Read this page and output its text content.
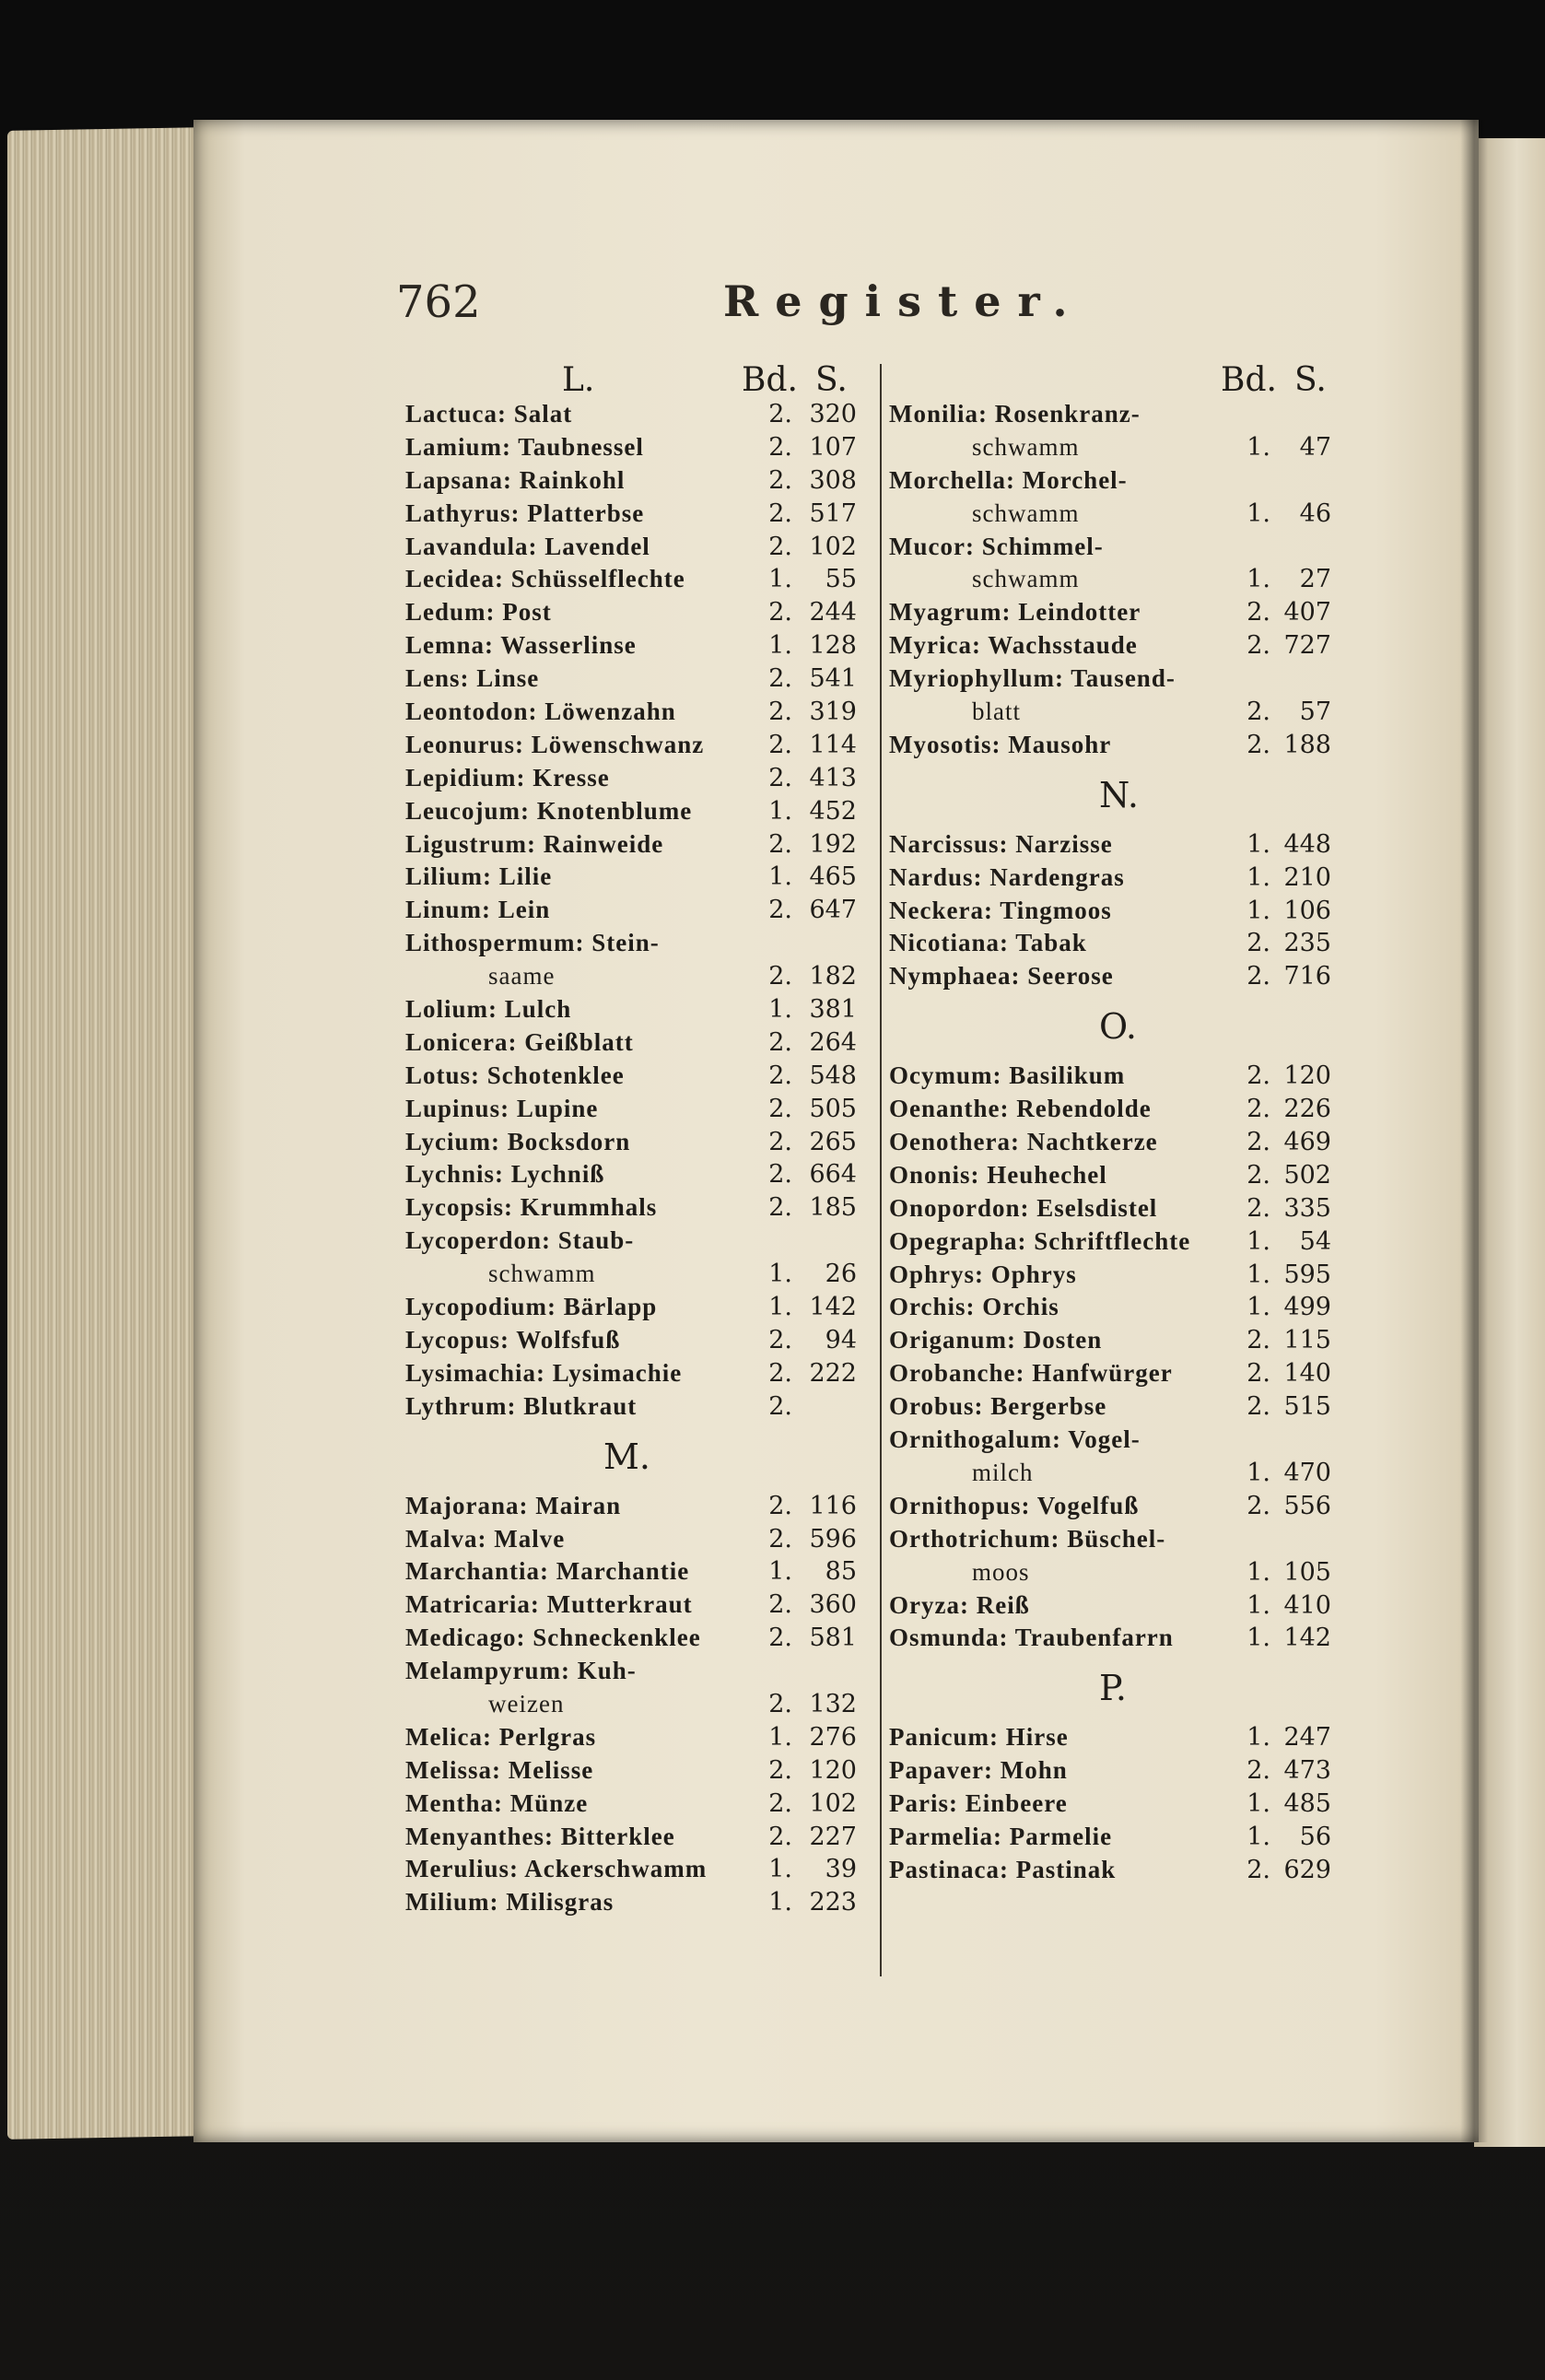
762	Register.
L.	Bd. S.
Lactuca: Salat	2. 320
Lamium: Taubnessel	2. 107
Lapsana: Rainkohl	2. 308
Lathyrus: Platterbse	2. 517
Lavandula: Lavendel	2. 102
Lecidea: Schüsselflechte	1.	55
Ledum: Post	2. 244
Lemna: Wasserlinse	1. 128
Lens: Linse	2. 541
Leontodon: Löwenzahn	2. 319
Leonurus: Löwenschwanz	2. 114
Lepidium: Kresse	2. 413
Leucojum: Knotenblume	1. 452
Ligustrum: Rainweide	2. 192
Lilium: Lilie	1. 465
Linum: Lein	2. 647
Lithospermum: Stein-
saame	2. 182
Lolium: Lulch	1. 381
Lonicera: Geißblatt	2. 264
Lotus: Schotenklee	2. 548
Lupinus: Lupine	2. 505
Lycium: Bocksdorn	2. 265
Lychnis: Lychniß	2. 664
Lycopsis: Krummhals	2. 185
Lycoperdon: Staub-
schwamm	1.	26
Lycopodium: Bärlapp	1. 142
Lycopus: Wolfsfuß	2.	94
Lysimachia: Lysimachie	2. 222
Lythrum: Blutkraut	2.
M.
Majorana: Mairan	2. 116
Malva: Malve	2. 596
Marchantia: Marchantie	1.	85
Matricaria: Mutterkraut	2. 360
Medicago: Schneckenklee	2. 581
Melampyrum: Kuh-
weizen	2. 132
Melica: Perlgras	1. 276
Melissa: Melisse	2. 120
Mentha: Münze	2. 102
Menyanthes: Bitterklee	2. 227
Merulius: Ackerschwamm 1.	39
Milium: Milisgras	1. 223
Bd. S.
Monilia: Rosenkranz-
schwamm	1.	47
Morchella: Morchel-
schwamm	1.	46
Mucor: Schimmel-
schwamm	1.	27
Myagrum: Leindotter	2. 407
Myrica: Wachsstaude	2. 727
Myriophyllum: Tausend-
blatt	2.	57
Myosotis: Mausohr	2. 188
N.
Narcissus: Narzisse	1. 448
Nardus: Nardengras	1. 210
Neckera: Tingmoos	1. 106
Nicotiana: Tabak	2. 235
Nymphaea: Seerose	2. 716
O.
Ocymum: Basilikum	2. 120
Oenanthe: Rebendolde	2. 226
Oenothera: Nachtkerze	2. 469
Ononis: Heuhechel	2. 502
Onopordon: Eselsdistel	2. 335
Opegrapha: Schriftflechte 1.	54
Ophrys: Ophrys	1. 595
Orchis: Orchis	1. 499
Origanum: Dosten	2. 115
Orobanche: Hanfwürger	2. 140
Orobus: Bergerbse	2. 515
Ornithogalum: Vogel-
milch	1. 470
Ornithopus: Vogelfuß	2. 556
Orthotrichum: Büschel-
moos	1. 105
Oryza: Reiß	1. 410
Osmunda: Traubenfarrn	1. 142
P.
Panicum: Hirse	1. 247
Papaver: Mohn	2. 473
Paris: Einbeere	1. 485
Parmelia: Parmelie	1.	56
Pastinaca: Pastinak	2. 629
